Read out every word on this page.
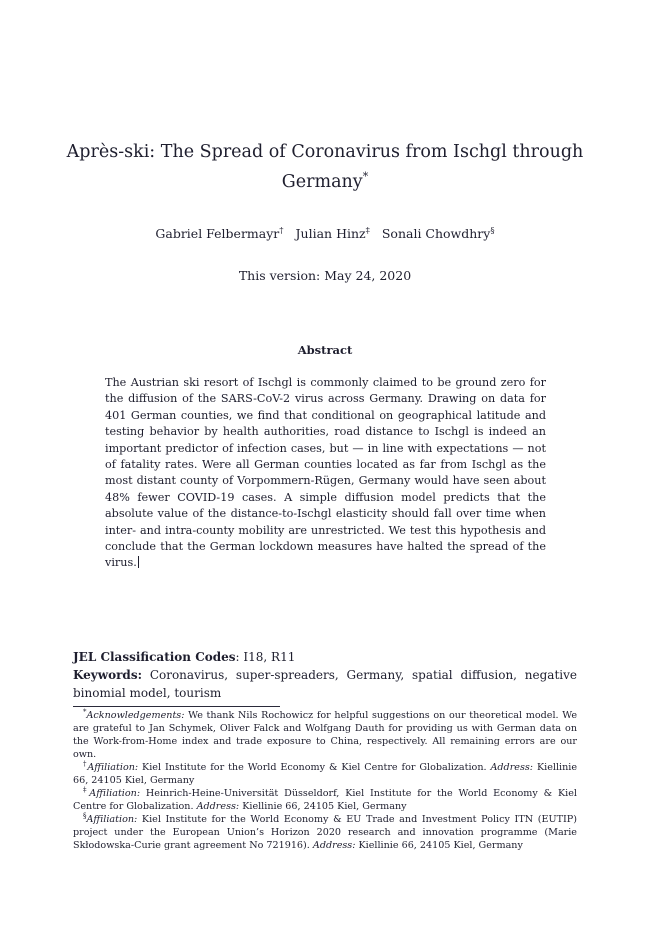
Après-ski: The Spread of Coronavirus from Ischgl through
Germany*
Gabriel Felbermayr† Julian Hinz‡ Sonali Chowdhry§
This version: May 24, 2020
Abstract

The Austrian ski resort of Ischgl is commonly claimed to be ground zero for the diffusion of the SARS-CoV-2 virus across Germany. Drawing on data for 401 German counties, we find that conditional on geographical latitude and testing behavior by health authorities, road distance to Ischgl is indeed an important predictor of infection cases, but — in line with expectations — not of fatality rates. Were all German counties located as far from Ischgl as the most distant county of Vorpommern-Rügen, Germany would have seen about 48% fewer COVID-19 cases. A simple diffusion model predicts that the absolute value of the distance-to-Ischgl elasticity should fall over time when inter- and intra-county mobility are unrestricted. We test this hypothesis and conclude that the German lockdown measures have halted the spread of the virus.

JEL Classification Codes: I18, R11

Keywords: Coronavirus, super-spreaders, Germany, spatial diffusion, negative binomial model, tourism

*Acknowledgements: We thank Nils Rochowicz for helpful suggestions on our theoretical model. We are grateful to Jan Schymek, Oliver Falck and Wolfgang Dauth for providing us with German data on the Work-from-Home index and trade exposure to China, respectively. All remaining errors are our own.

†Affiliation: Kiel Institute for the World Economy & Kiel Centre for Globalization. Address: Kiellinie 66, 24105 Kiel, Germany

‡Affiliation: Heinrich-Heine-Universität Düsseldorf, Kiel Institute for the World Economy & Kiel Centre for Globalization. Address: Kiellinie 66, 24105 Kiel, Germany

§Affiliation: Kiel Institute for the World Economy & EU Trade and Investment Policy ITN (EUTIP) project under the European Union’s Horizon 2020 research and innovation programme (Marie Skłodowska-Curie grant agreement No 721916). Address: Kiellinie 66, 24105 Kiel, Germany
